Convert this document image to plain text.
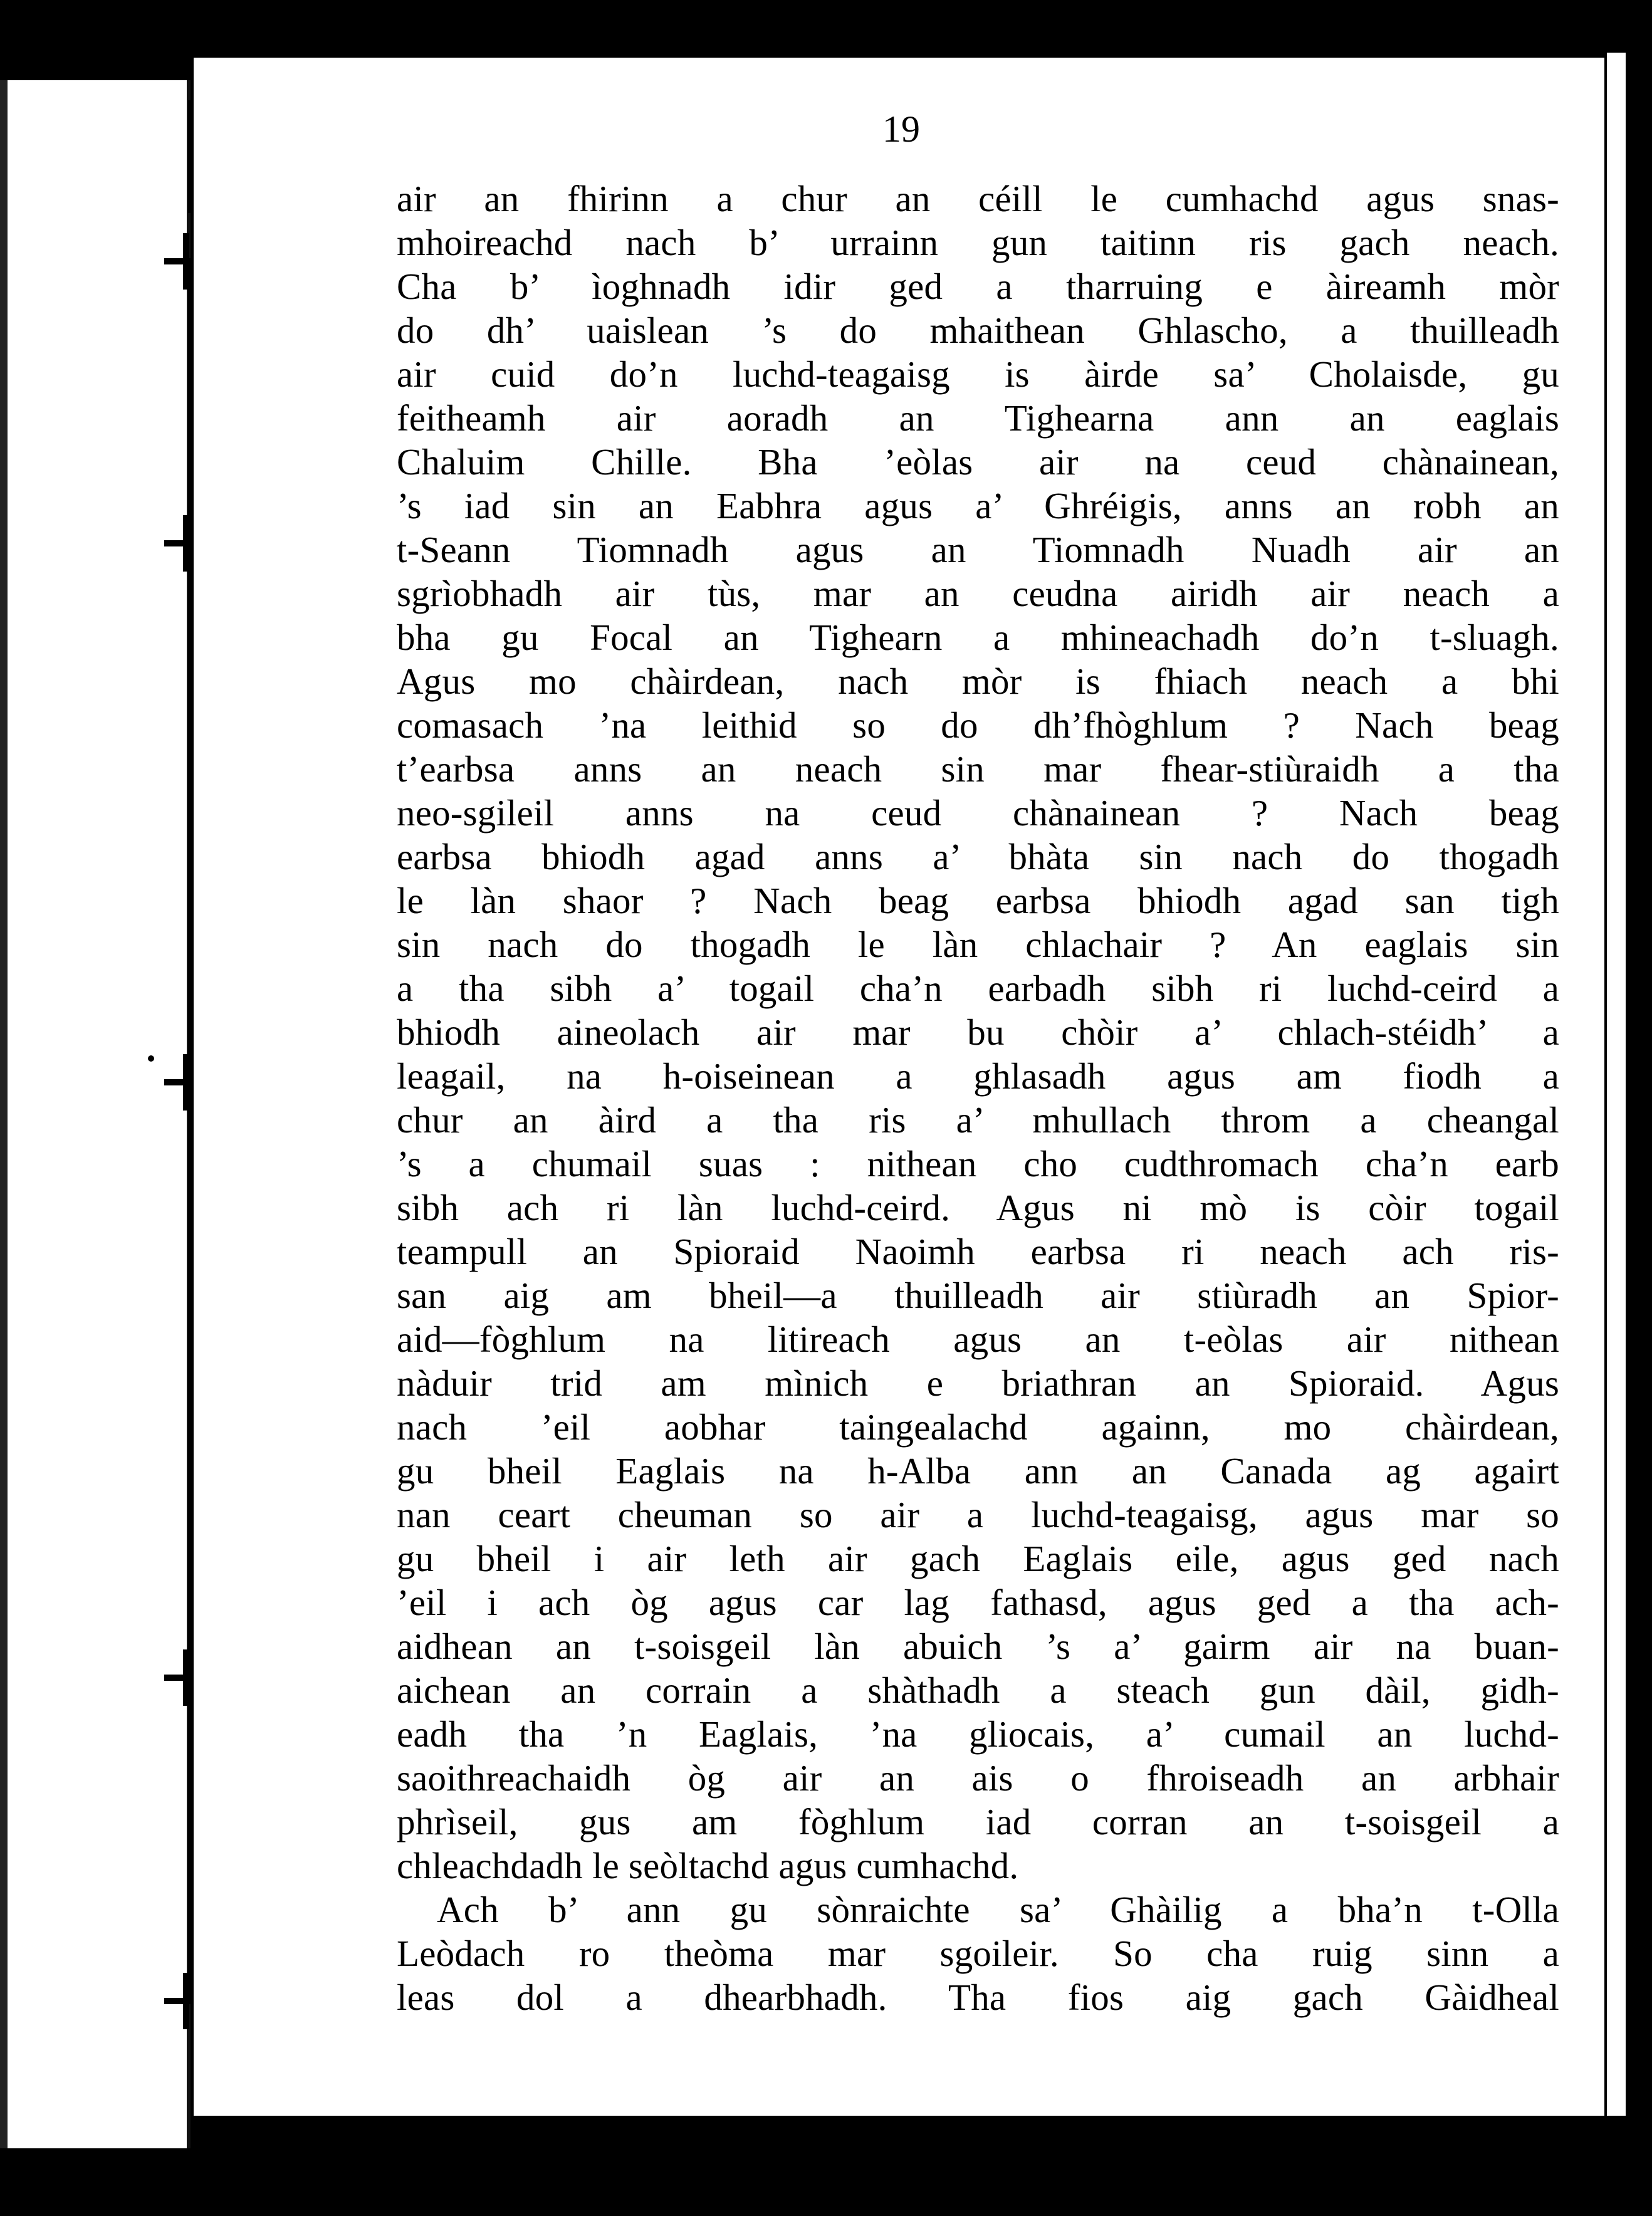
19
air an fhirinn a chur an céill le cumhachd agus snas-
mhoireachd nach b’ urrainn gun taitinn ris gach neach.
Cha b’ ìoghnadh idir ged a tharruing e àireamh mòr
do dh’ uaislean ’s do mhaithean Ghlascho, a thuilleadh
air cuid do’n luchd-teagaisg is àirde sa’ Cholaisde, gu
feitheamh air aoradh an Tighearna ann an eaglais
Chaluim Chille. Bha ’eòlas air na ceud chànainean,
’s iad sin an Eabhra agus a’ Ghréigis, anns an robh an
t-Seann Tiomnadh agus an Tiomnadh Nuadh air an
sgrìobhadh air tùs, mar an ceudna airidh air neach a
bha gu Focal an Tighearn a mhineachadh do’n t-sluagh.
Agus mo chàirdean, nach mòr is fhiach neach a bhi
comasach ’na leithid so do dh’fhòghlum ? Nach beag
t’earbsa anns an neach sin mar fhear-stiùraidh a tha
neo-sgileil anns na ceud chànainean ? Nach beag
earbsa bhiodh agad anns a’ bhàta sin nach do thogadh
le làn shaor ? Nach beag earbsa bhiodh agad san tigh
sin nach do thogadh le làn chlachair ? An eaglais sin
a tha sibh a’ togail cha’n earbadh sibh ri luchd-ceird a
bhiodh aineolach air mar bu chòir a’ chlach-stéidh’ a
leagail, na h-oiseinean a ghlasadh agus am fiodh a
chur an àird a tha ris a’ mhullach throm a cheangal
’s a chumail suas : nithean cho cudthromach cha’n earb
sibh ach ri làn luchd-ceird. Agus ni mò is còir togail
teampull an Spioraid Naoimh earbsa ri neach ach ris-
san aig am bheil—a thuilleadh air stiùradh an Spior-
aid—fòghlum na litireach agus an t-eòlas air nithean
nàduir trid am mìnich e briathran an Spioraid. Agus
nach ’eil aobhar taingealachd againn, mo chàirdean,
gu bheil Eaglais na h-Alba ann an Canada ag agairt
nan ceart cheuman so air a luchd-teagaisg, agus mar so
gu bheil i air leth air gach Eaglais eile, agus ged nach
’eil i ach òg agus car lag fathasd, agus ged a tha ach-
aidhean an t-soisgeil làn abuich ’s a’ gairm air na buan-
aichean an corrain a shàthadh a steach gun dàil, gidh-
eadh tha ’n Eaglais, ’na gliocais, a’ cumail an luchd-
saoithreachaidh òg air an ais o fhroiseadh an arbhair
phrìseil, gus am fòghlum iad corran an t-soisgeil a
chleachdadh le seòltachd agus cumhachd.
Ach b’ ann gu sònraichte sa’ Ghàilig a bha’n t-Olla
Leòdach ro theòma mar sgoileir. So cha ruig sinn a
leas dol a dhearbhadh. Tha fios aig gach Gàidheal
